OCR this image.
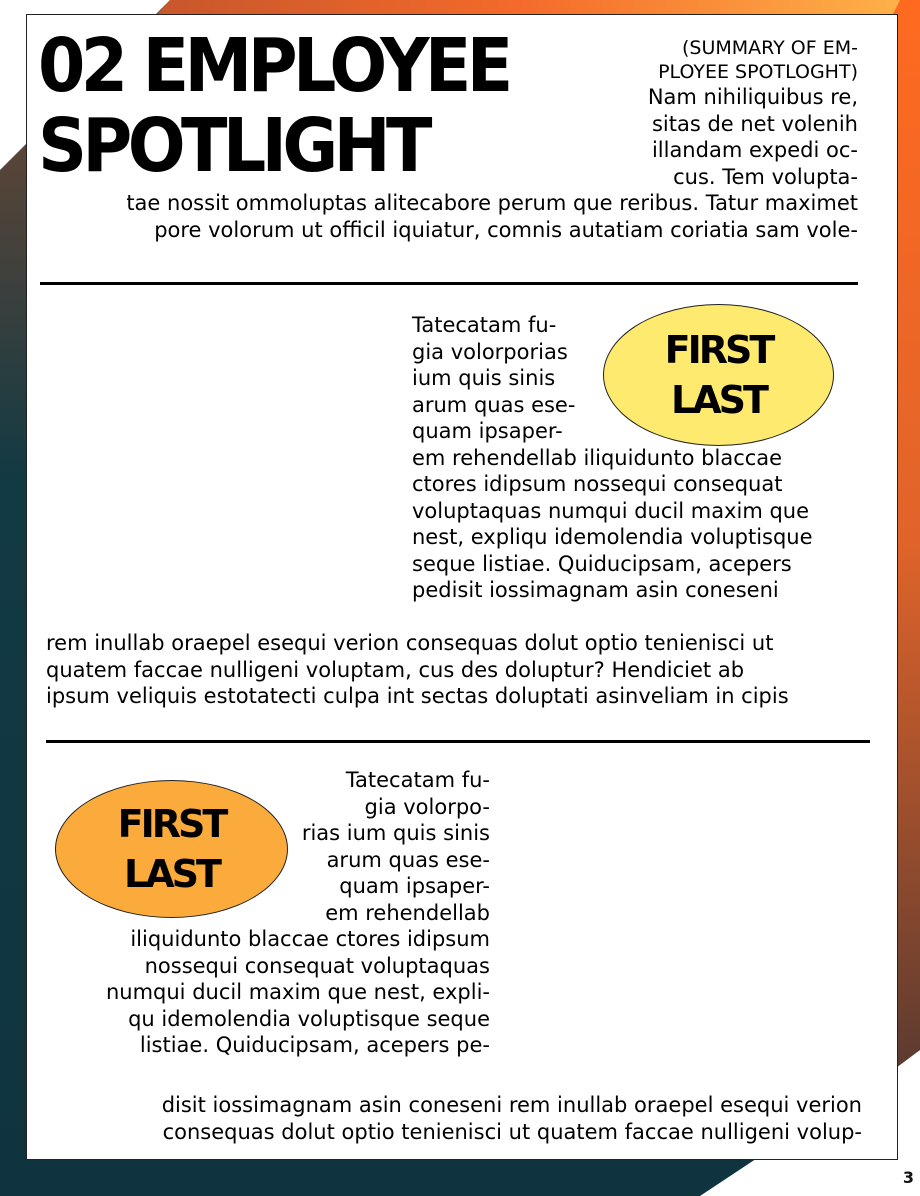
02 EMPLOYEE
SPOTLIGHT
(SUMMARY OF EM-
PLOYEE SPOTLOGHT)
Nam nihiliquibus re,
sitas de net volenih
illandam expedi oc-
cus. Tem volupta-
tae nossit ommoluptas alitecabore perum que reribus. Tatur maximet
pore volorum ut officil iquiatur, comnis autatiam coriatia sam vole-
FIRST
LAST
Tatecatam fu-
gia volorporias
ium quis sinis
arum quas ese-
quam ipsaper-
em rehendellab iliquidunto blaccae
ctores idipsum nossequi consequat
voluptaquas numqui ducil maxim que
nest, expliqu idemolendia voluptisque
seque listiae. Quiducipsam, acepers
pedisit iossimagnam asin coneseni
rem inullab oraepel esequi verion consequas dolut optio tenienisci ut
quatem faccae nulligeni voluptam, cus des doluptur? Hendiciet ab
ipsum veliquis estotatecti culpa int sectas doluptati asinveliam in cipis
FIRST
LAST
Tatecatam fu-
gia volorpo-
rias ium quis sinis
arum quas ese-
quam ipsaper-
em rehendellab
iliquidunto blaccae ctores idipsum
nossequi consequat voluptaquas
numqui ducil maxim que nest, expli-
qu idemolendia voluptisque seque
listiae. Quiducipsam, acepers pe-
disit iossimagnam asin coneseni rem inullab oraepel esequi verion
consequas dolut optio tenienisci ut quatem faccae nulligeni volup-
3
